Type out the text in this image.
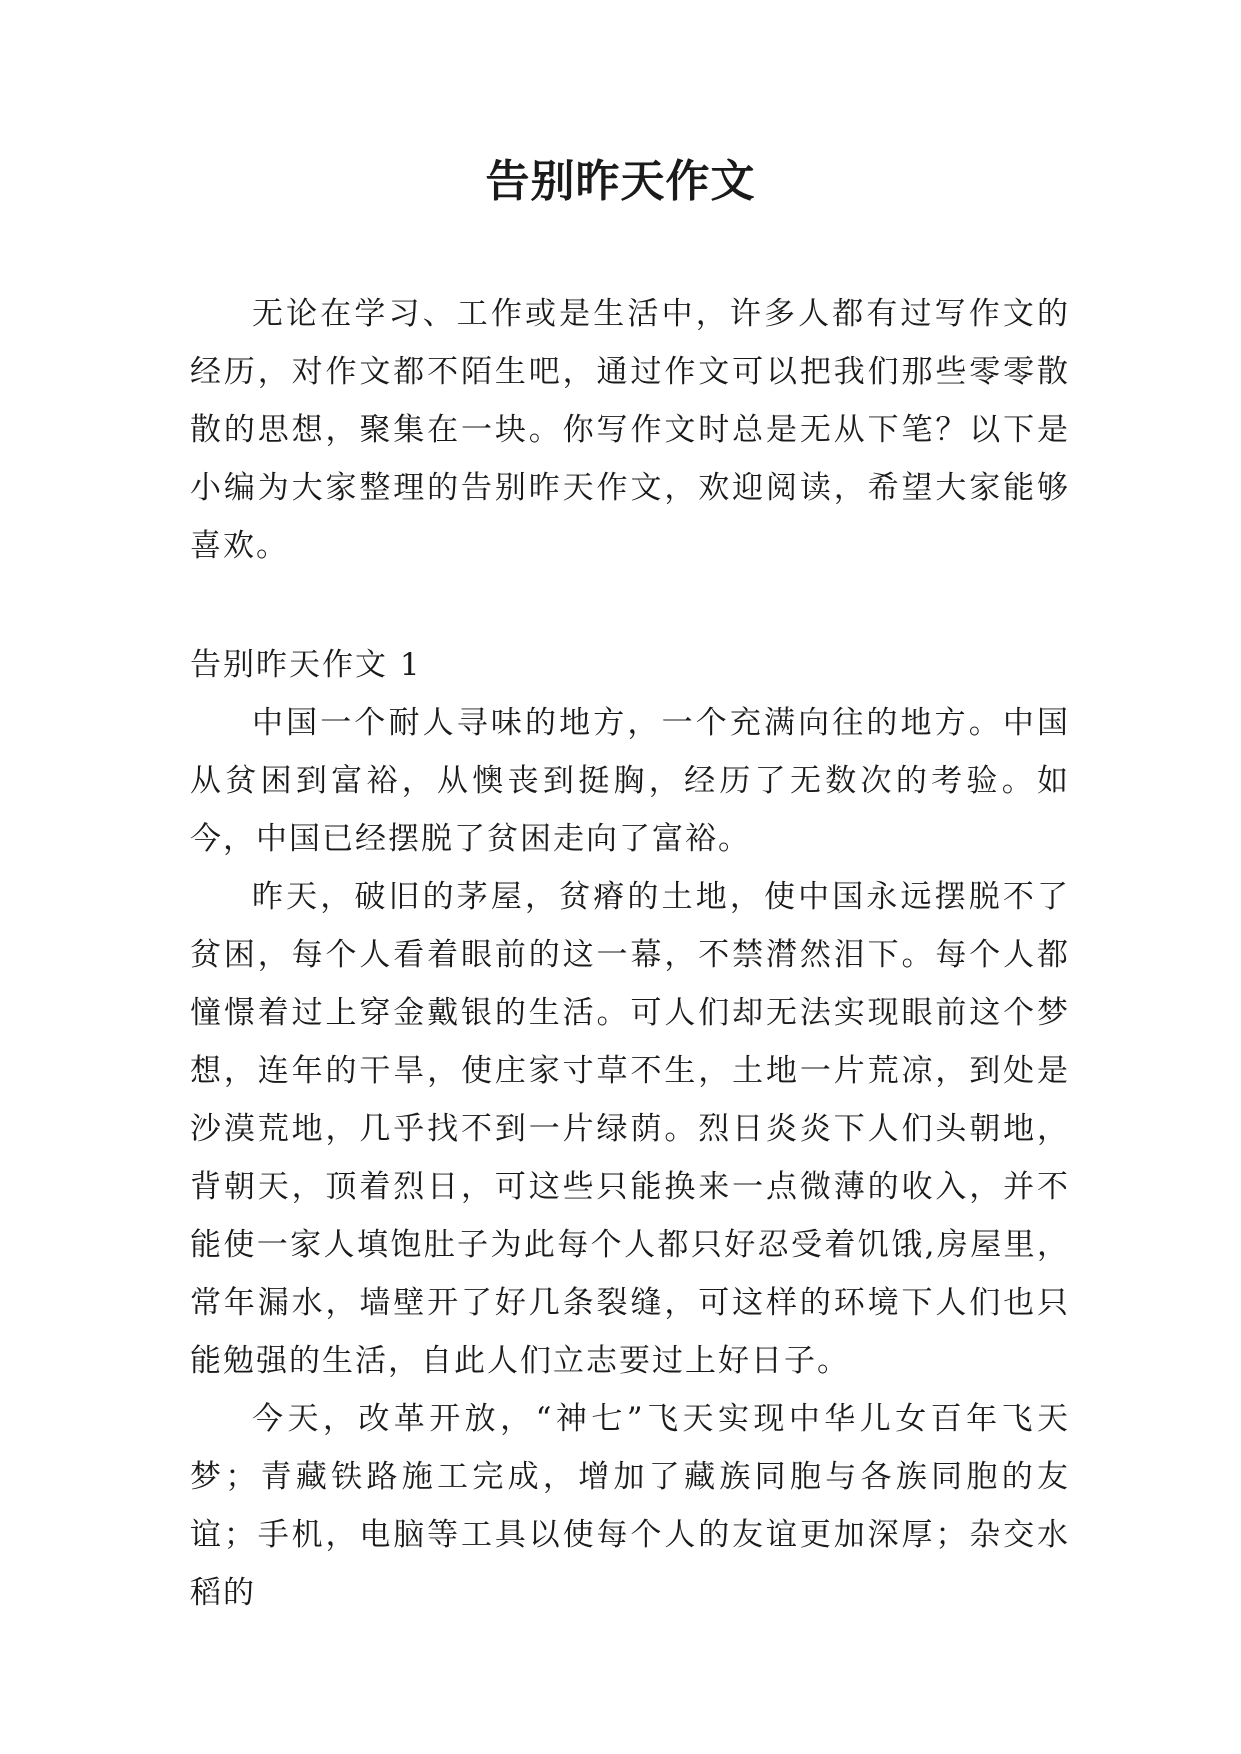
告别昨天作文

无论在学习、工作或是生活中，许多人都有过写作文的经历，对作文都不陌生吧，通过作文可以把我们那些零零散散的思想，聚集在一块。你写作文时总是无从下笔？以下是小编为大家整理的告别昨天作文，欢迎阅读，希望大家能够喜欢。

告别昨天作文 1

中国一个耐人寻味的地方，一个充满向往的地方。中国从贫困到富裕，从懊丧到挺胸，经历了无数次的考验。如今，中国已经摆脱了贫困走向了富裕。

昨天，破旧的茅屋，贫瘠的土地，使中国永远摆脱不了贫困，每个人看着眼前的这一幕，不禁潸然泪下。每个人都憧憬着过上穿金戴银的生活。可人们却无法实现眼前这个梦想，连年的干旱，使庄家寸草不生，土地一片荒凉，到处是沙漠荒地，几乎找不到一片绿荫。烈日炎炎下人们头朝地，背朝天，顶着烈日，可这些只能换来一点微薄的收入，并不能使一家人填饱肚子为此每个人都只好忍受着饥饿,房屋里，常年漏水，墙壁开了好几条裂缝，可这样的环境下人们也只能勉强的生活，自此人们立志要过上好日子。

今天，改革开放，“神七”飞天实现中华儿女百年飞天梦；青藏铁路施工完成，增加了藏族同胞与各族同胞的友谊；手机，电脑等工具以使每个人的友谊更加深厚；杂交水稻的
